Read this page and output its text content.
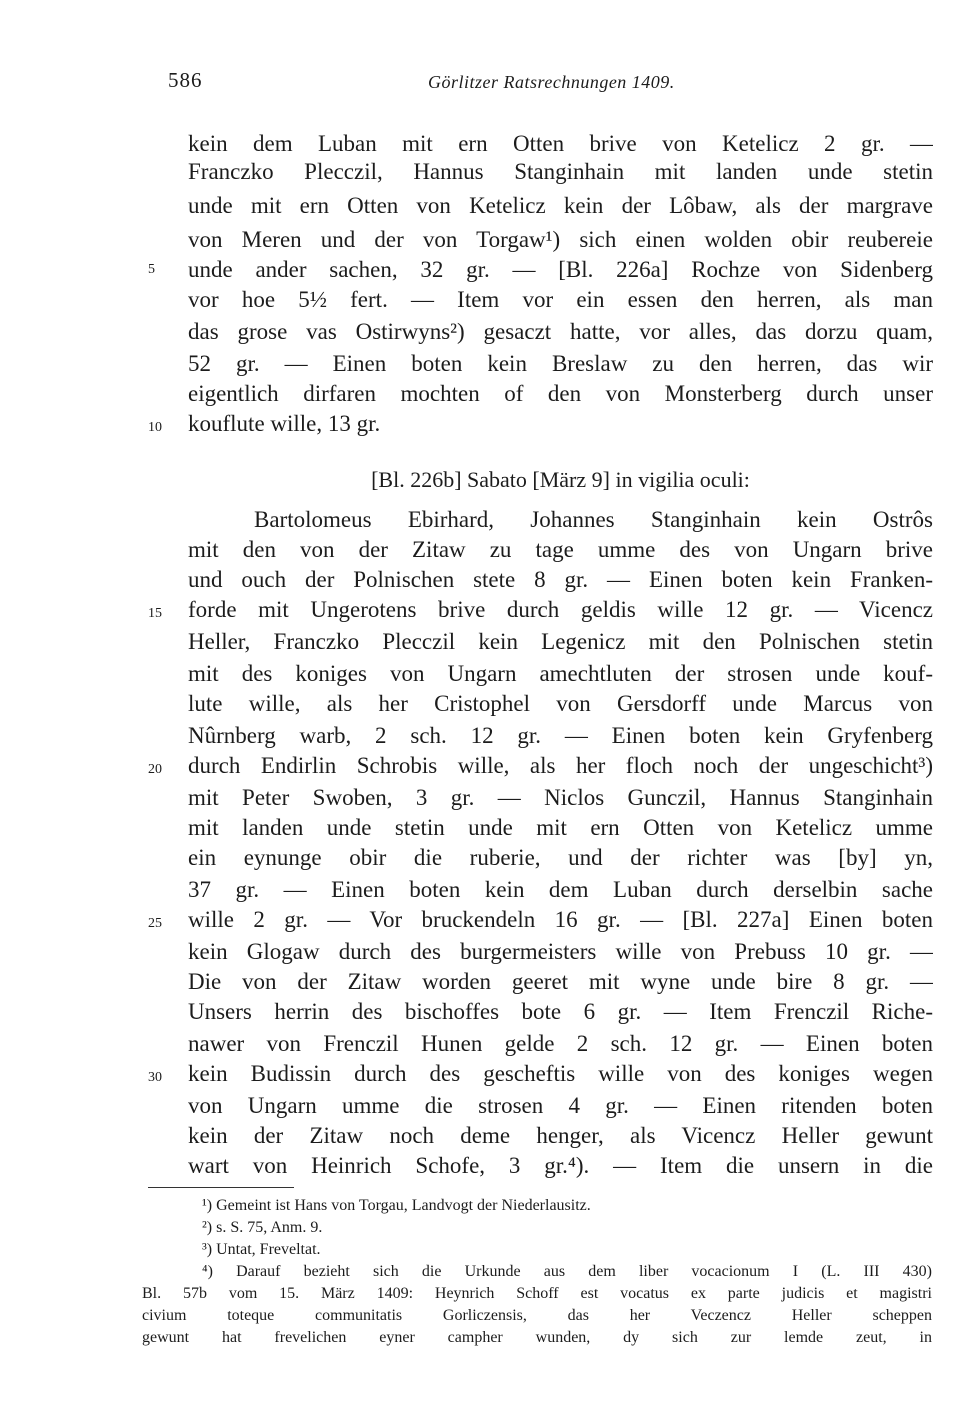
586	Görlitzer Ratsrechnungen 1409.
kein dem Luban mit ern Otten brive von Ketelicz 2 gr. —
Franczko Plecczil, Hannus Stanginhain mit landen unde stetin
unde mit ern Otten von Ketelicz kein der Lôbaw, als der margrave
von Meren und der von Torgaw¹) sich einen wolden obir reubereie
unde ander sachen, 32 gr. — [Bl. 226a] Rochze von Sidenberg
vor hoe 5½ fert. — Item vor ein essen den herren, als man
das grose vas Ostirwyns²) gesaczt hatte, vor alles, das dorzu quam,
52 gr. — Einen boten kein Breslaw zu den herren, das wir
eigentlich dirfaren mochten of den von Monsterberg durch unser
kouflute wille, 13 gr.
[Bl. 226b] Sabato [März 9] in vigilia oculi:
Bartolomeus Ebirhard, Johannes Stanginhain kein Ostrôs
mit den von der Zitaw zu tage umme des von Ungarn brive
und ouch der Polnischen stete 8 gr. — Einen boten kein Franken-
forde mit Ungerotens brive durch geldis wille 12 gr. — Vicencz
Heller, Franczko Plecczil kein Legenicz mit den Polnischen stetin
mit des koniges von Ungarn amechtluten der strosen unde kouf-
lute wille, als her Cristophel von Gersdorff unde Marcus von
Nûrnberg warb, 2 sch. 12 gr. — Einen boten kein Gryfenberg
durch Endirlin Schrobis wille, als her floch noch der ungeschicht³)
mit Peter Swoben, 3 gr. — Niclos Gunczil, Hannus Stanginhain
mit landen unde stetin unde mit ern Otten von Ketelicz umme
ein eynunge obir die ruberie, und der richter was [by] yn,
37 gr. — Einen boten kein dem Luban durch derselbin sache
wille 2 gr. — Vor bruckendeln 16 gr. — [Bl. 227a] Einen boten
kein Glogaw durch des burgermeisters wille von Prebuss 10 gr. —
Die von der Zitaw worden geeret mit wyne unde bire 8 gr. —
Unsers herrin des bischoffes bote 6 gr. — Item Frenczil Riche-
nawer von Frenczil Hunen gelde 2 sch. 12 gr. — Einen boten
kein Budissin durch des gescheftis wille von des koniges wegen
von Ungarn umme die strosen 4 gr. — Einen ritenden boten
kein der Zitaw noch deme henger, als Vicencz Heller gewunt
wart von Heinrich Schofe, 3 gr.⁴). — Item die unsern in die
5
10
15
20
25
30
¹) Gemeint ist Hans von Torgau, Landvogt der Niederlausitz.
²) s. S. 75, Anm. 9.
³) Untat, Freveltat.
⁴) Darauf bezieht sich die Urkunde aus dem liber vocacionum I (L. III 430)
Bl. 57b vom 15. März 1409: Heynrich Schoff est vocatus ex parte judicis et magistri
civium toteque communitatis Gorliczensis, das her Veczencz Heller scheppen
gewunt hat frevelichen eyner campher wunden, dy sich zur lemde zeut, in
